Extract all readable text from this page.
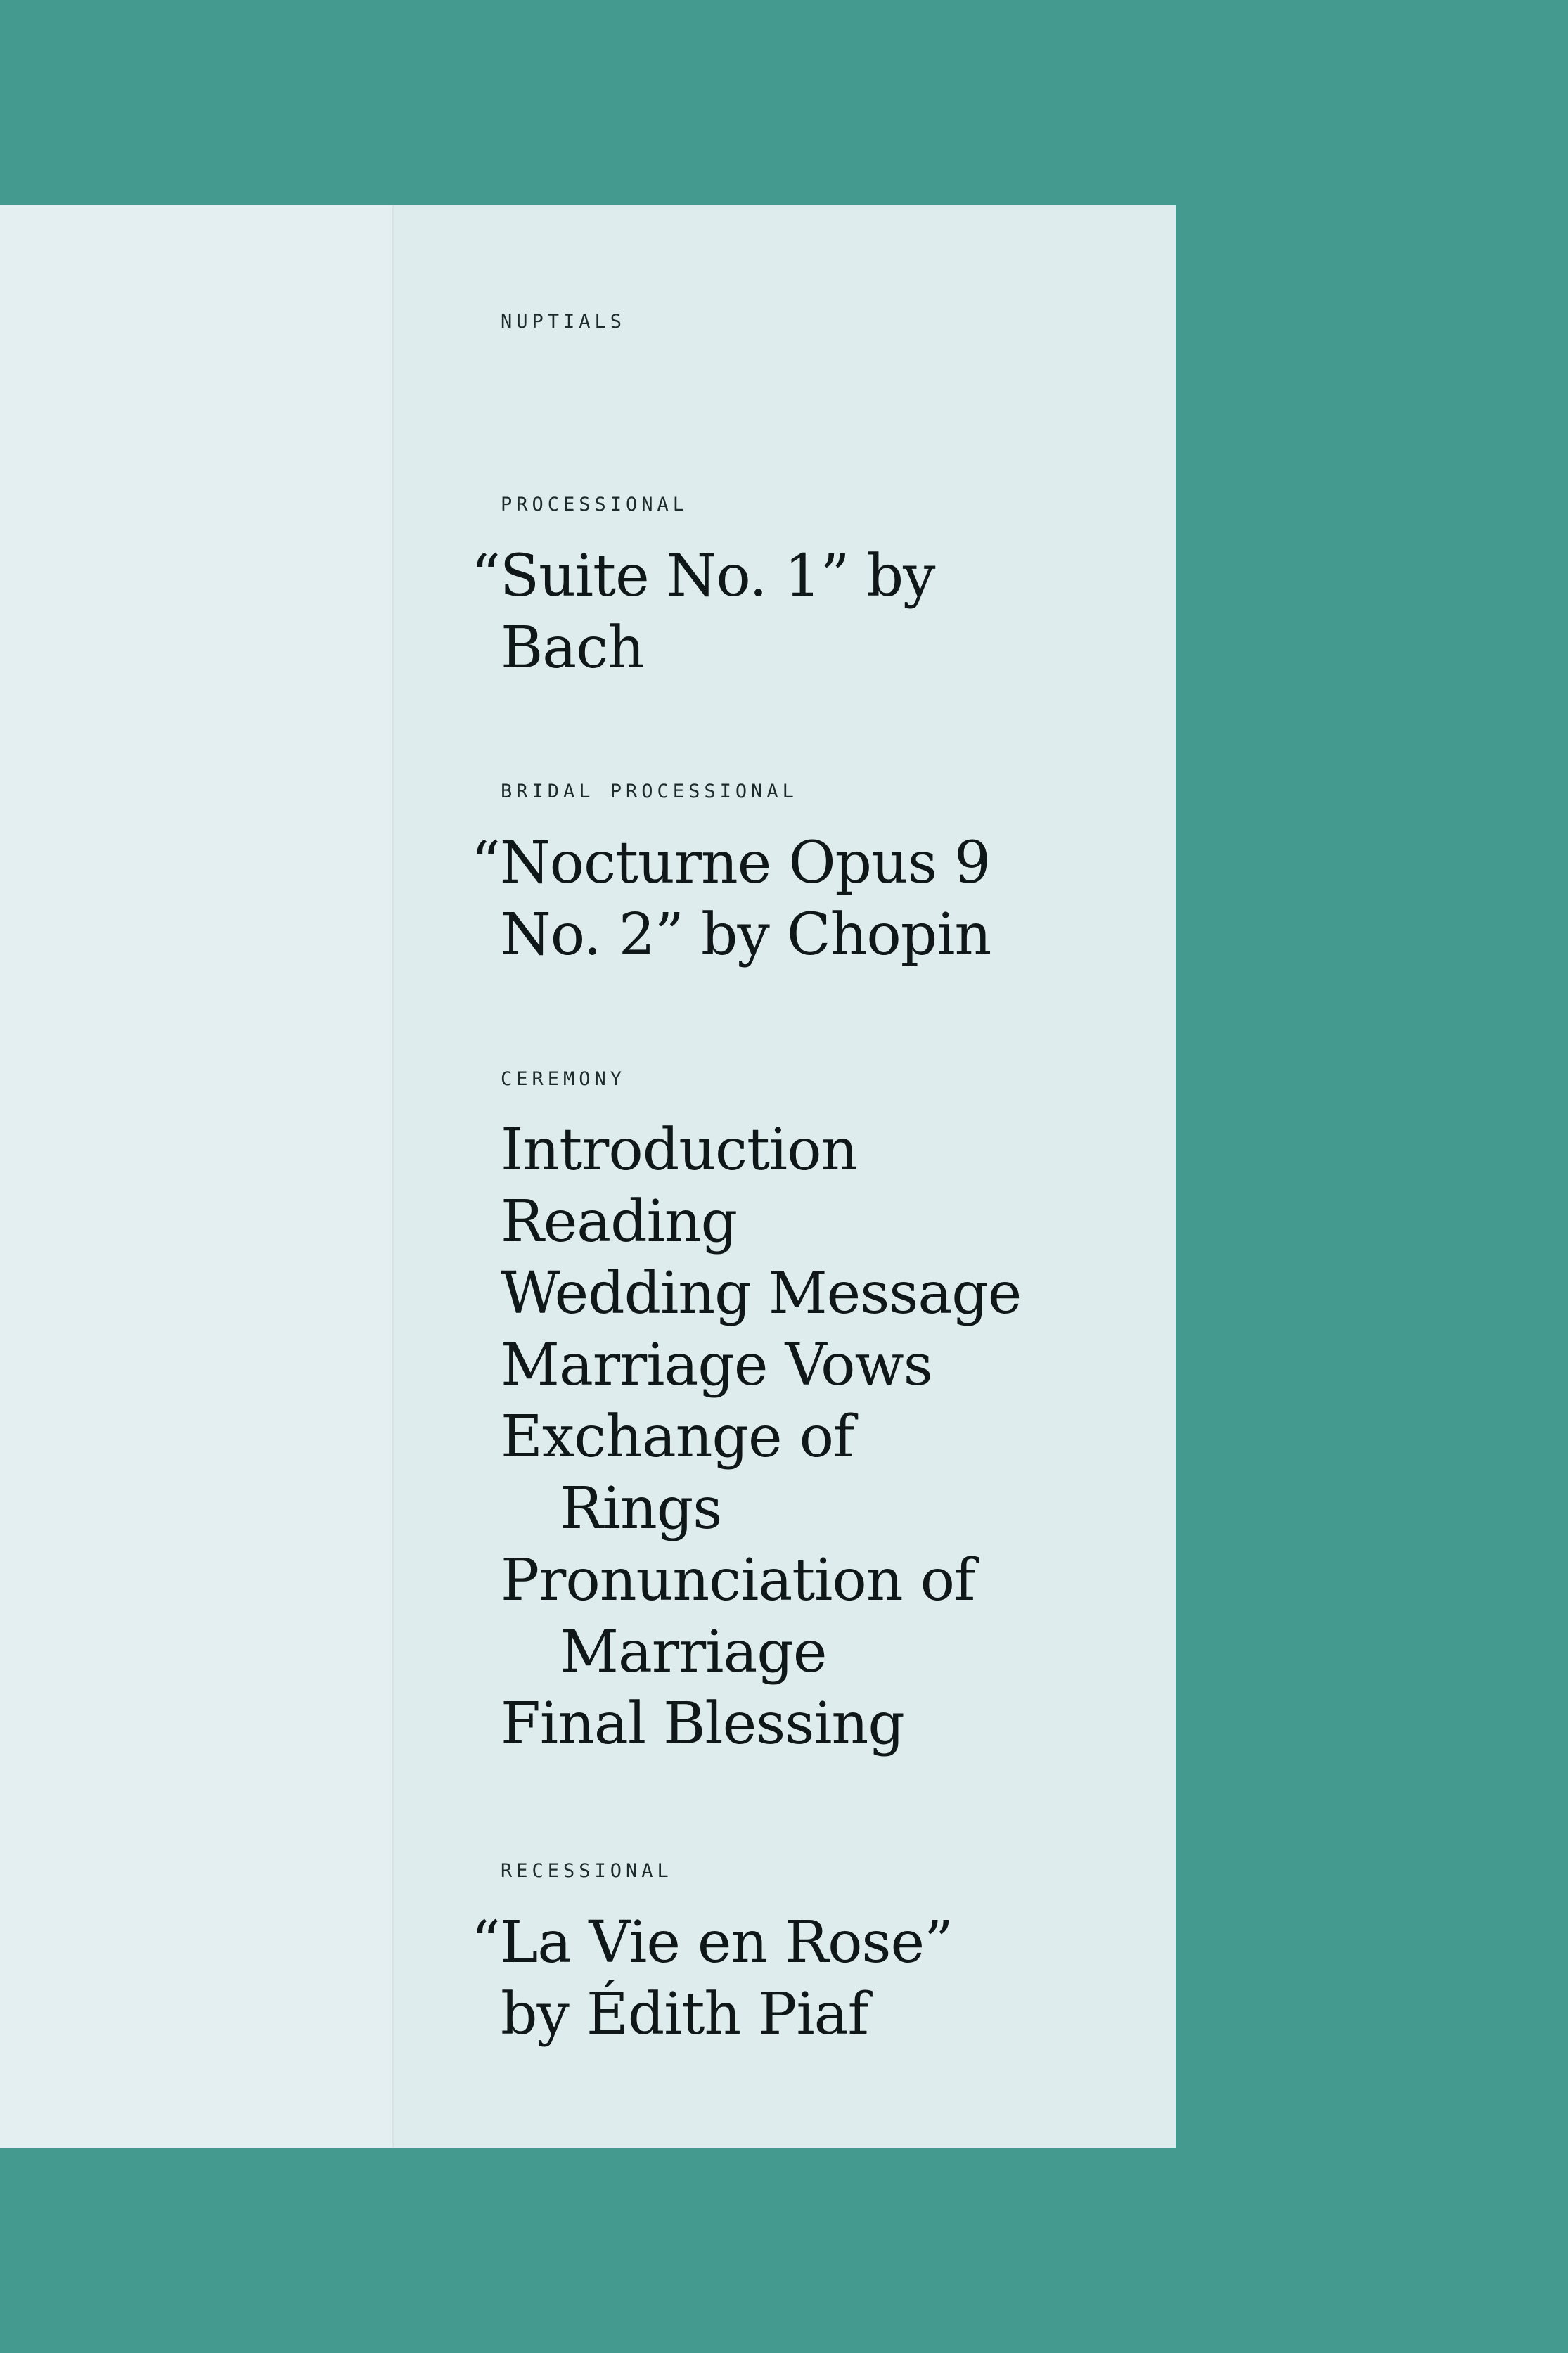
NUPTIALS

PROCESSIONAL

“Suite No. 1” by
Bach

BRIDAL PROCESSIONAL

“Nocturne Opus 9
No. 2” by Chopin

CEREMONY

Introduction
Reading
Wedding Message
Marriage Vows
Exchange of
Rings
Pronunciation of
Marriage
Final Blessing

RECESSIONAL

“La Vie en Rose”
by Édith Piaf
